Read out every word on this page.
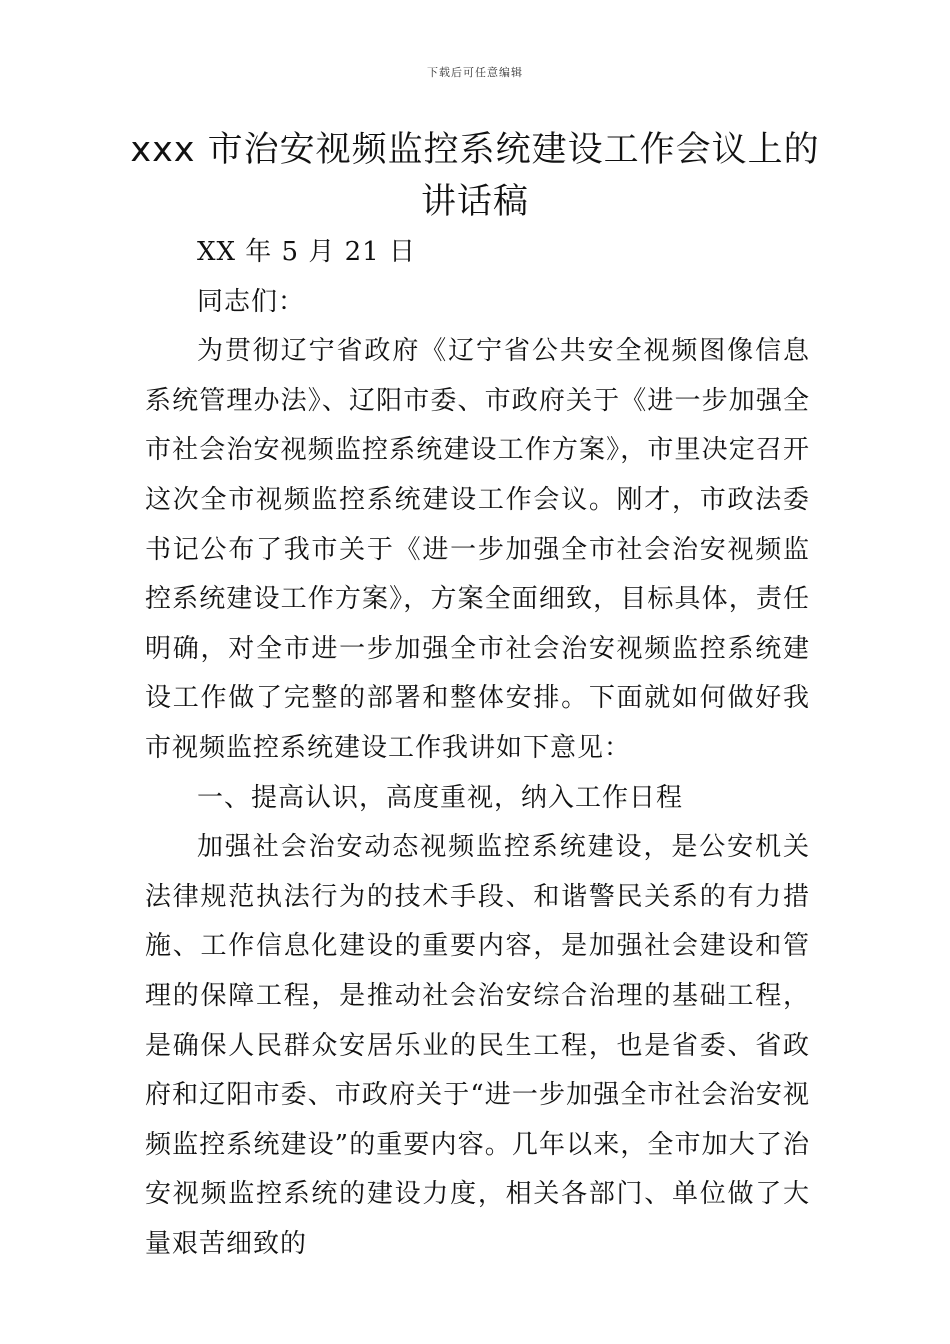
下载后可任意编辑
xxx 市治安视频监控系统建设工作会议上的
讲话稿

XX 年 5 月 21 日

同志们：

为贯彻辽宁省政府《辽宁省公共安全视频图像信息系统管理办法》、辽阳市委、市政府关于《进一步加强全市社会治安视频监控系统建设工作方案》，市里决定召开这次全市视频监控系统建设工作会议。刚才，市政法委书记公布了我市关于《进一步加强全市社会治安视频监控系统建设工作方案》，方案全面细致，目标具体，责任明确，对全市进一步加强全市社会治安视频监控系统建设工作做了完整的部署和整体安排。下面就如何做好我市视频监控系统建设工作我讲如下意见：

一、提高认识，高度重视，纳入工作日程

加强社会治安动态视频监控系统建设，是公安机关法律规范执法行为的技术手段、和谐警民关系的有力措施、工作信息化建设的重要内容，是加强社会建设和管理的保障工程，是推动社会治安综合治理的基础工程，是确保人民群众安居乐业的民生工程，也是省委、省政府和辽阳市委、市政府关于“进一步加强全市社会治安视频监控系统建设”的重要内容。几年以来，全市加大了治安视频监控系统的建设力度，相关各部门、单位做了大量艰苦细致的
